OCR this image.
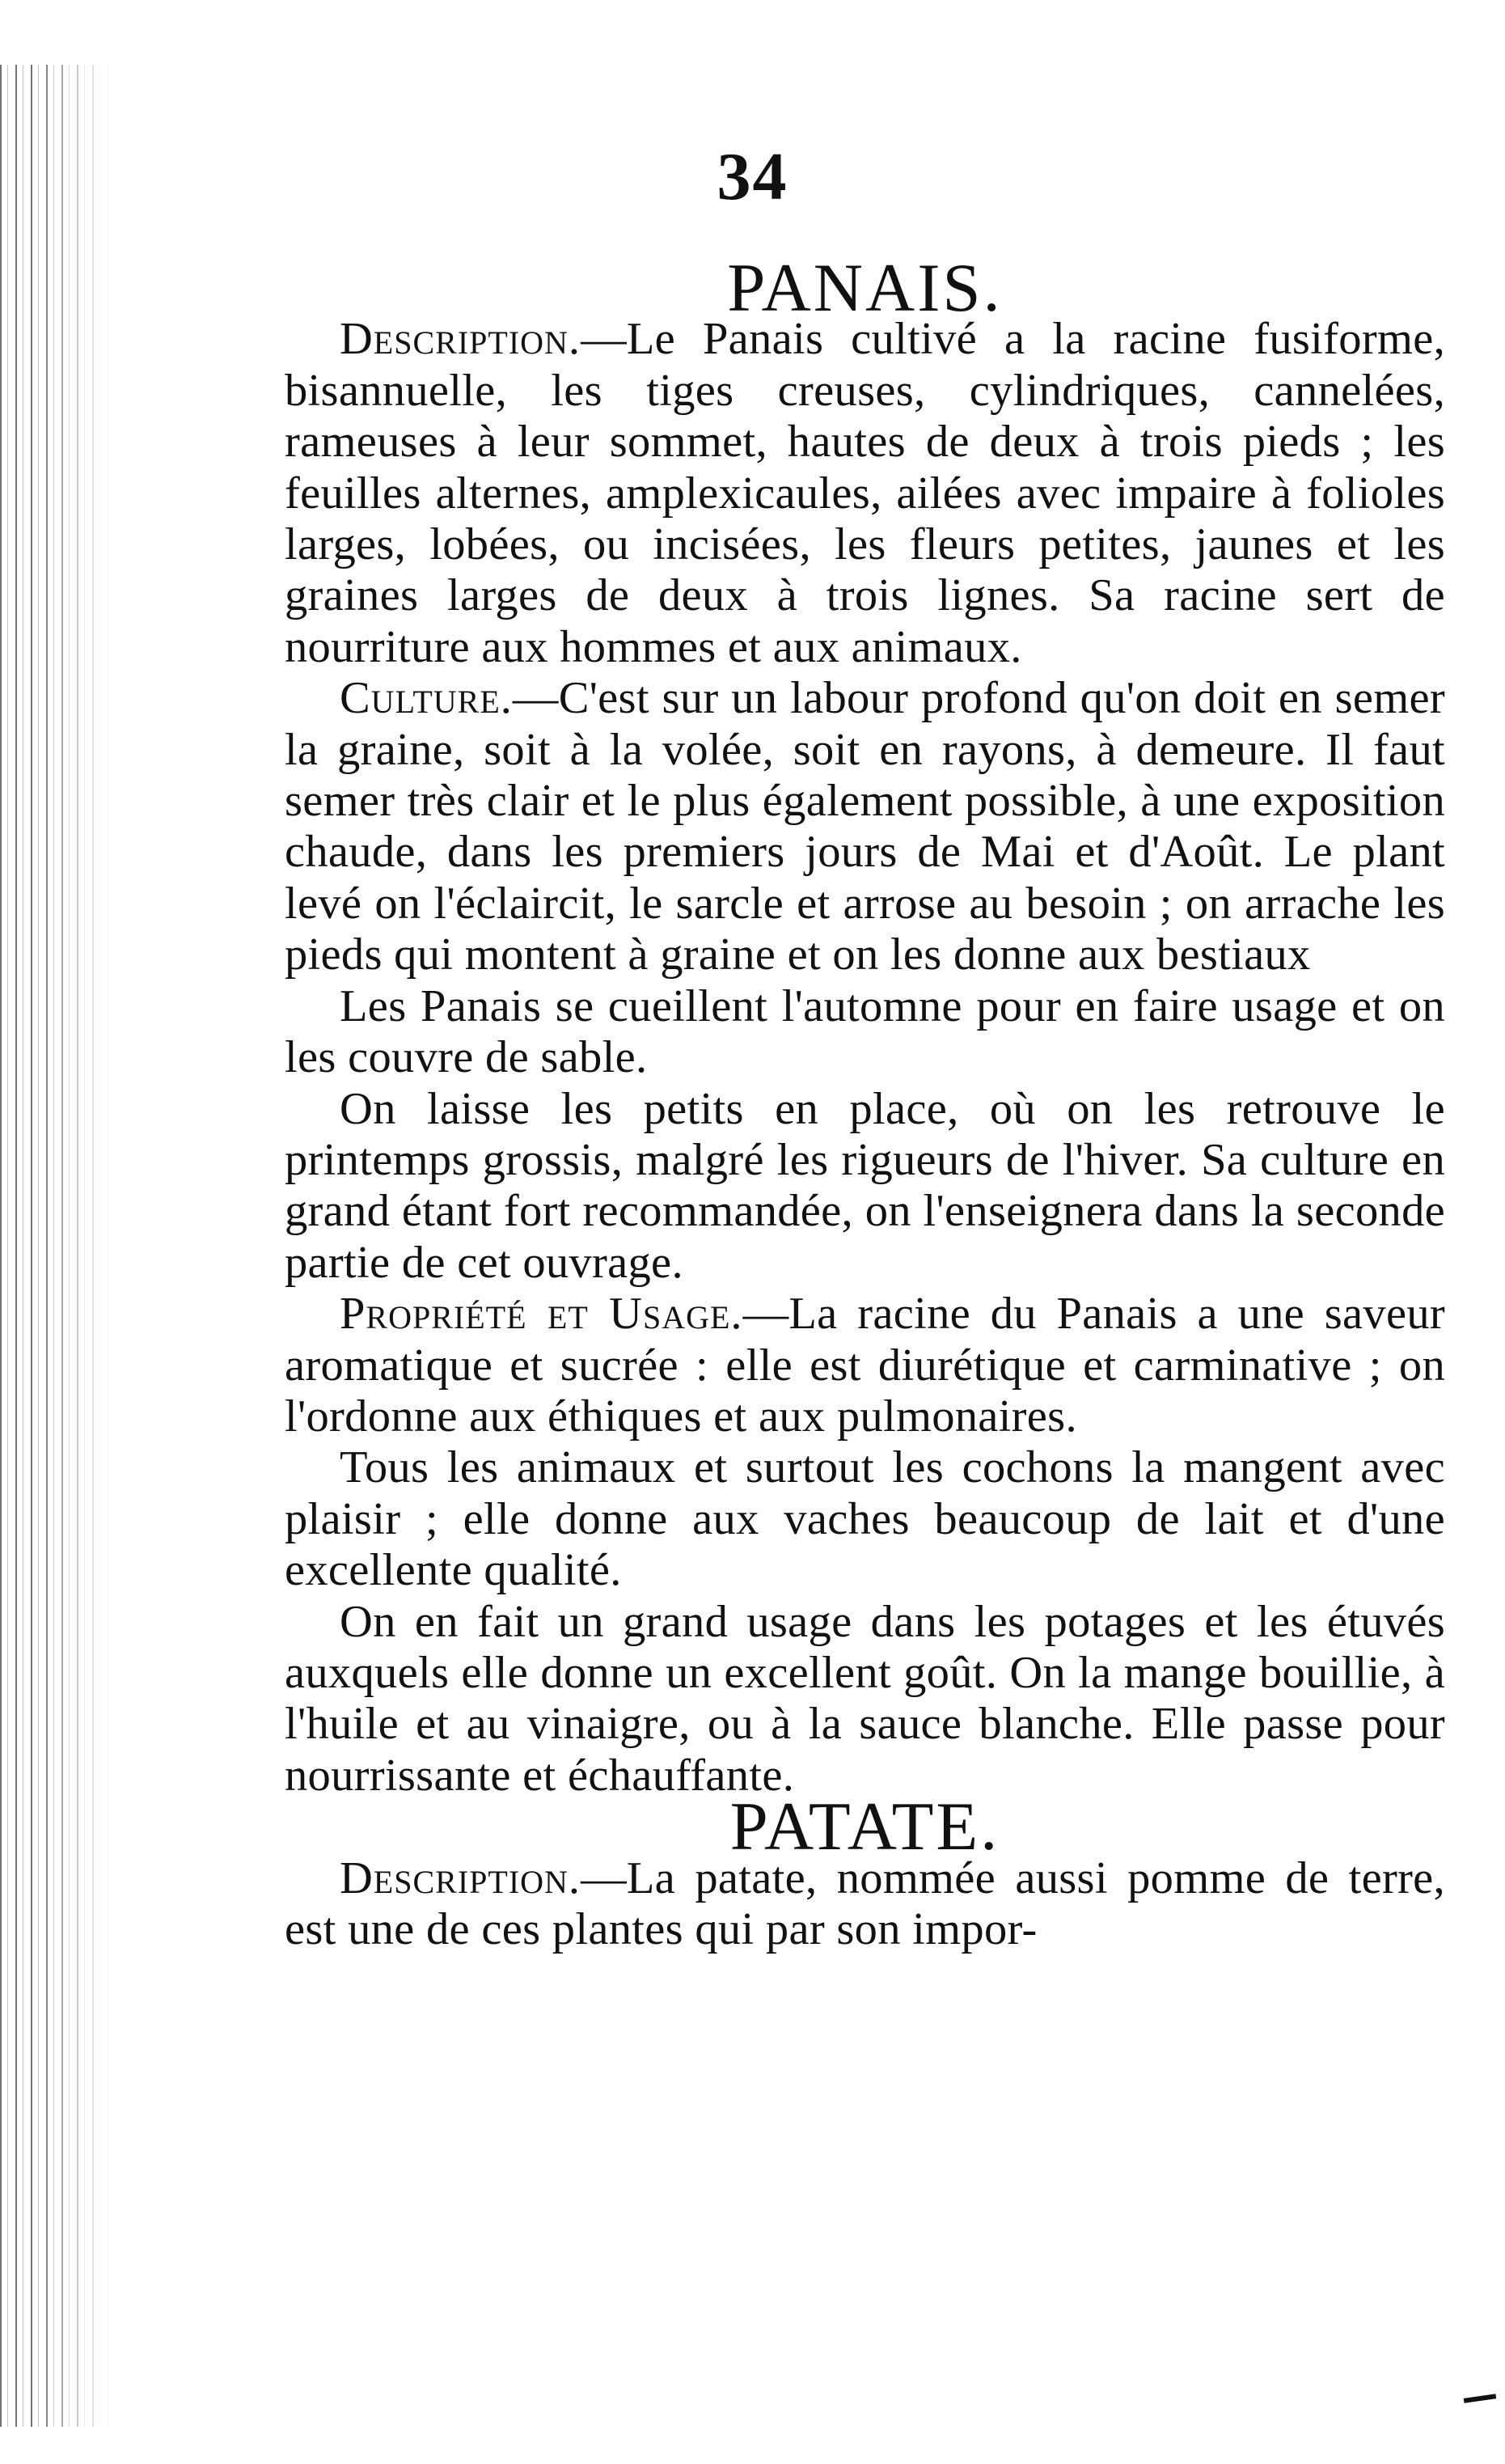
34
PANAIS.

Description.—Le Panais cultivé a la racine fusiforme, bisannuelle, les tiges creuses, cylindriques, cannelées, rameuses à leur sommet, hautes de deux à trois pieds ; les feuilles alternes, amplexicaules, ailées avec impaire à folioles larges, lobées, ou incisées, les fleurs petites, jaunes et les graines larges de deux à trois lignes. Sa racine sert de nourriture aux hommes et aux animaux.

Culture.—C'est sur un labour profond qu'on doit en semer la graine, soit à la volée, soit en rayons, à demeure. Il faut semer très clair et le plus également possible, à une exposition chaude, dans les premiers jours de Mai et d'Août. Le plant levé on l'éclaircit, le sarcle et arrose au besoin ; on arrache les pieds qui montent à graine et on les donne aux bestiaux

Les Panais se cueillent l'automne pour en faire usage et on les couvre de sable.

On laisse les petits en place, où on les retrouve le printemps grossis, malgré les rigueurs de l'hiver. Sa culture en grand étant fort recommandée, on l'enseignera dans la seconde partie de cet ouvrage.

Propriété et Usage.—La racine du Panais a une saveur aromatique et sucrée : elle est diurétique et carminative ; on l'ordonne aux éthiques et aux pulmonaires.

Tous les animaux et surtout les cochons la mangent avec plaisir ; elle donne aux vaches beaucoup de lait et d'une excellente qualité.

On en fait un grand usage dans les potages et les étuvés auxquels elle donne un excellent goût. On la mange bouillie, à l'huile et au vinaigre, ou à la sauce blanche. Elle passe pour nourrissante et échauffante.

PATATE.

Description.—La patate, nommée aussi pomme de terre, est une de ces plantes qui par son impor-
